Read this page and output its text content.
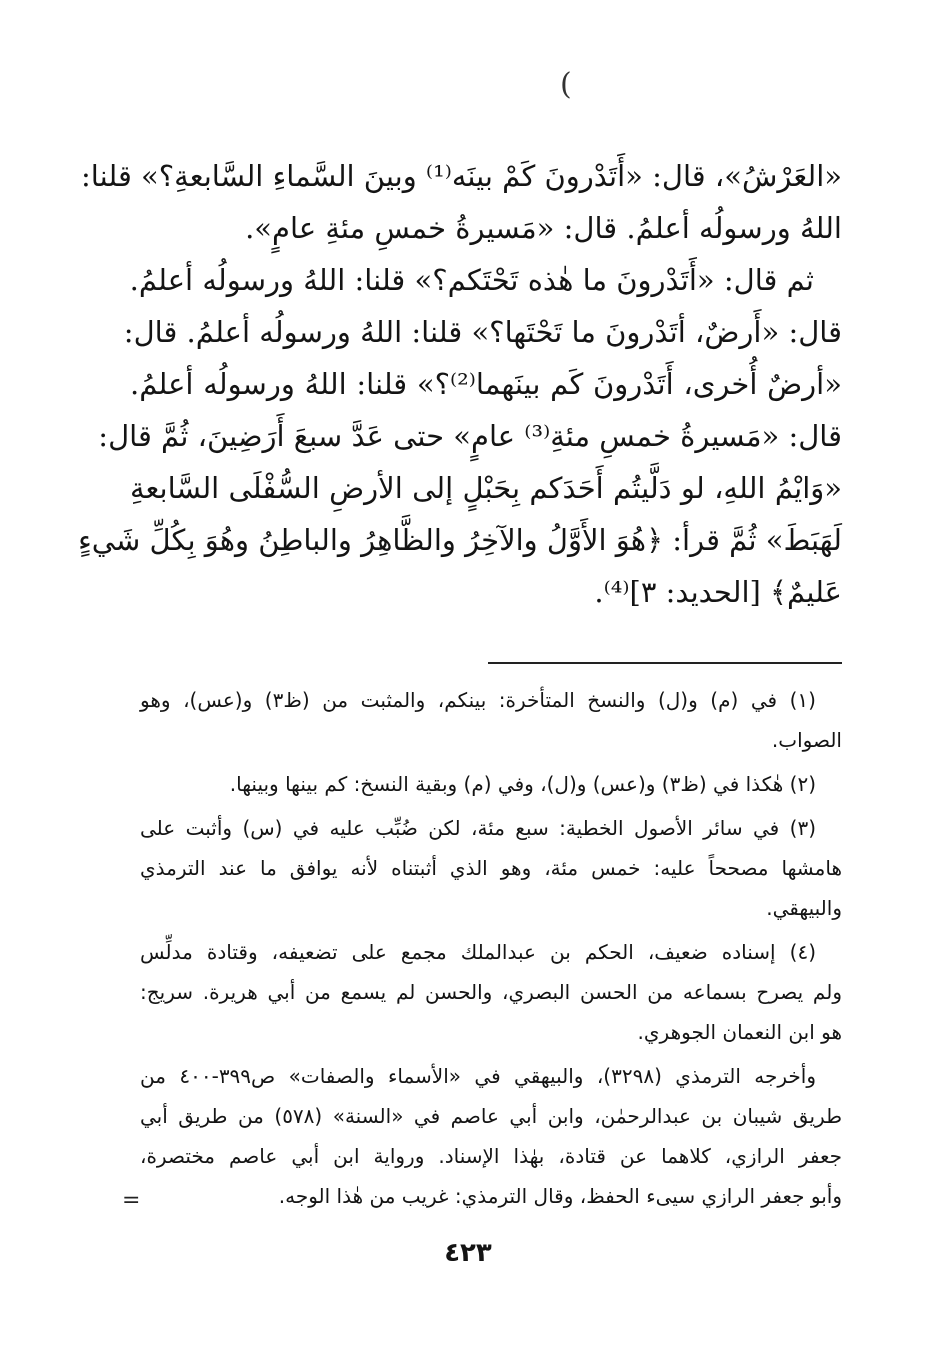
(
«العَرْشُ»، قال: «أَتَدْرونَ كَمْ بينَه⁽¹⁾ وبينَ السَّماءِ السَّابعةِ؟» قلنا:
اللهُ ورسولُه أعلمُ. قال: «مَسيرةُ خمسِ مئةِ عامٍ».
ثم قال: «أَتَدْرونَ ما هٰذه تَحْتَكم؟» قلنا: اللهُ ورسولُه أعلمُ.
قال: «أَرضٌ، أتَدْرونَ ما تَحْتَها؟» قلنا: اللهُ ورسولُه أعلمُ. قال:
«أرضٌ أُخرى، أَتَدْرونَ كَم بينَهما⁽²⁾؟» قلنا: اللهُ ورسولُه أعلمُ.
قال: «مَسيرةُ خمسِ مئةِ⁽³⁾ عامٍ» حتى عَدَّ سبعَ أَرَضِينَ، ثُمَّ قال:
«وَايْمُ اللهِ، لو دَلَّيتُم أَحَدَكم بِحَبْلٍ إلى الأرضِ السُّفْلَى السَّابعةِ
لَهَبَطَ» ثُمَّ قرأ: ﴿هُوَ الأَوَّلُ والآخِرُ والظَّاهِرُ والباطِنُ وهُوَ بِكُلِّ شَيءٍ
عَليمٌ﴾ [الحديد: ٣]⁽⁴⁾.
(١) في (م) و(ل) والنسخ المتأخرة: بينكم، والمثبت من (ظ٣) و(عس)، وهو
الصواب.
(٢) هٰكذا في (ظ٣) و(عس) و(ل)، وفي (م) وبقية النسخ: كم بينها وبينها.
(٣) في سائر الأصول الخطية: سبع مئة، لكن ضُبِّب عليه في (س) وأثبت على
هامشها مصححاً عليه: خمس مئة، وهو الذي أثبتناه لأنه يوافق ما عند الترمذي
والبيهقي.
(٤) إسناده ضعيف، الحكم بن عبدالملك مجمع على تضعيفه، وقتادة مدلِّس
ولم يصرح بسماعه من الحسن البصري، والحسن لم يسمع من أبي هريرة. سريج:
هو ابن النعمان الجوهري.
وأخرجه الترمذي (٣٢٩٨)، والبيهقي في «الأسماء والصفات» ص٣٩٩-٤٠٠ من
طريق شيبان بن عبدالرحمٰن، وابن أبي عاصم في «السنة» (٥٧٨) من طريق أبي
جعفر الرازي، كلاهما عن قتادة، بهٰذا الإسناد. ورواية ابن أبي عاصم مختصرة،
وأبو جعفر الرازي سيىء الحفظ، وقال الترمذي: غريب من هٰذا الوجه.
=
٤٢٣
